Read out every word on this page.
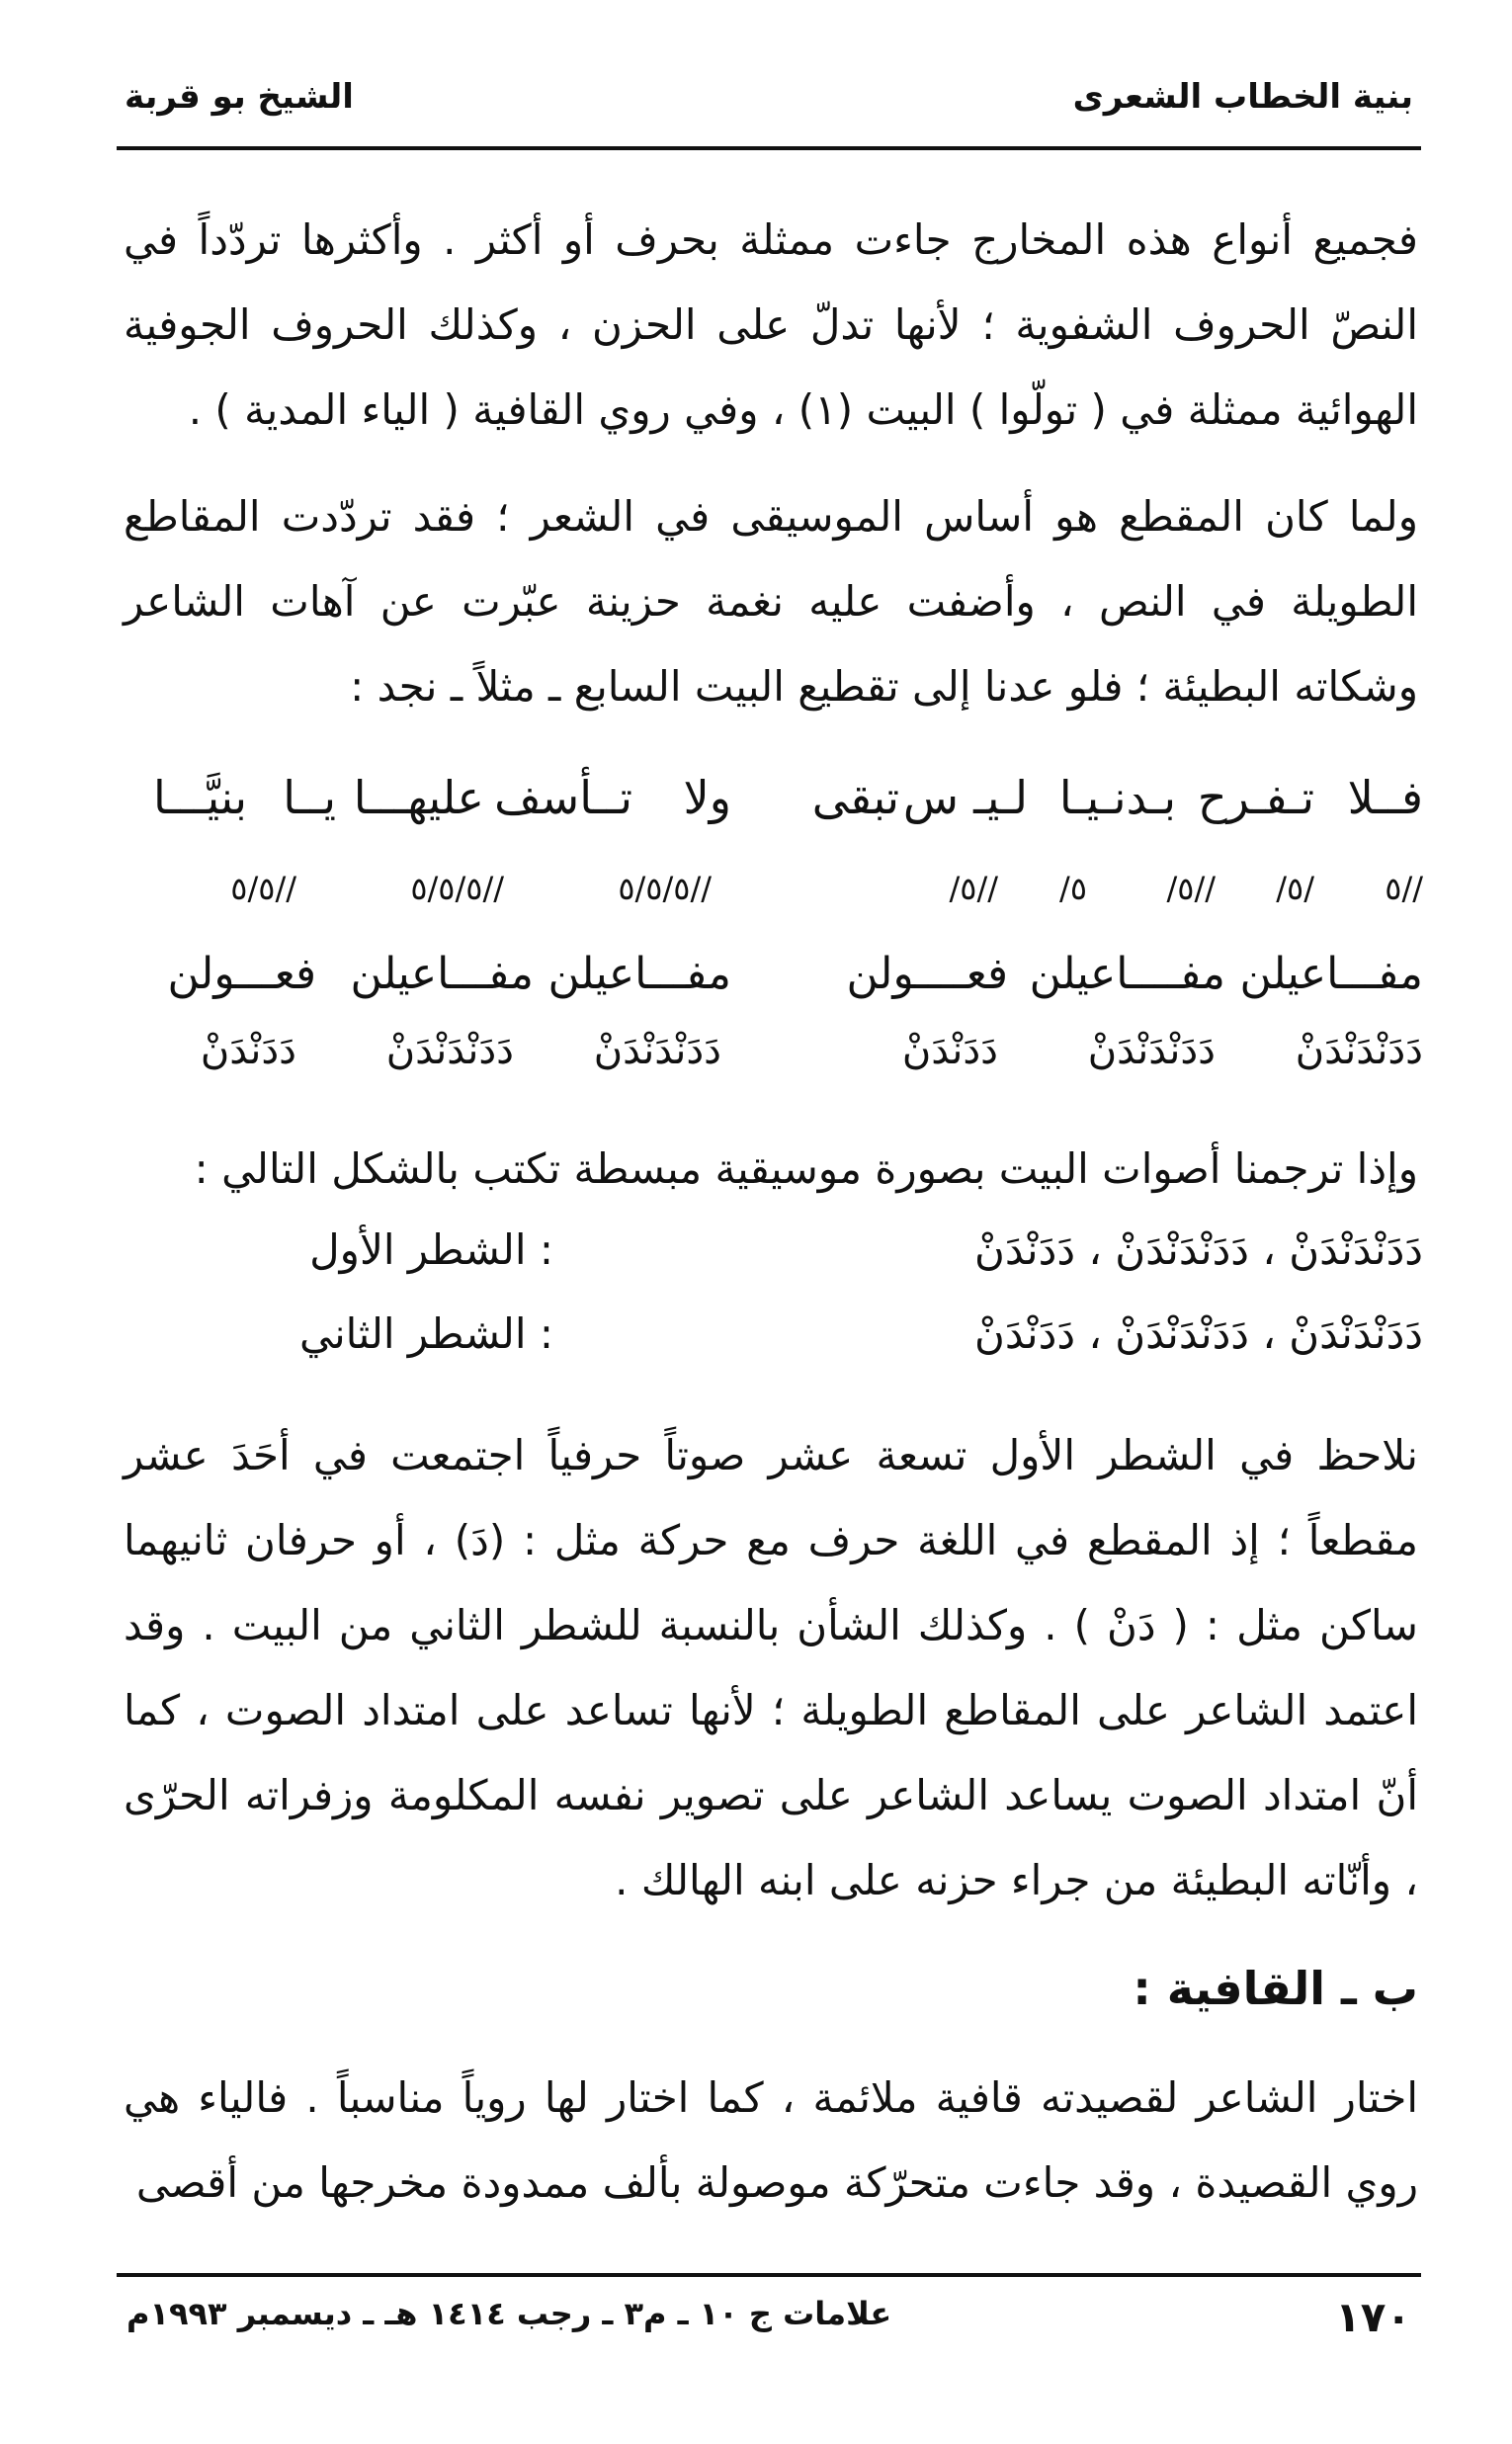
بنية الخطاب الشعرى
الشيخ بو قربة

فجميع أنواع هذه المخارج جاءت ممثلة بحرف أو أكثر . وأكثرها تردّداً في النصّ الحروف الشفوية ؛ لأنها تدلّ على الحزن ، وكذلك الحروف الجوفية الهوائية ممثلة في ( تولّوا ) البيت (١) ، وفي روي القافية ( الياء المدية ) .

ولما كان المقطع هو أساس الموسيقى في الشعر ؛ فقد تردّدت المقاطع الطويلة في النص ، وأضفت عليه نغمة حزينة عبّرت عن آهات الشاعر وشكاته البطيئة ؛ فلو عدنا إلى تقطيع البيت السابع ـ مثلاً ـ نجد :

فــلا
تـفـرح
بـدنـيـا
لـيـ
س
تبقى
ولا
تــأسف
عليهـــا
يــا
بنيَّـــا
//٥
/٥/
//٥/
٥/
//٥/
//٥/٥/٥
//٥/٥/٥
//٥/٥
مفـــاعيلن
مفــــاعيلن
فعــــولن
مفـــاعيلن
مفـــاعيلن
فعـــولن
دَدَنْدَنْدَنْ
دَدَنْدَنْدَنْ
دَدَنْدَنْ
دَدَنْدَنْدَنْ
دَدَنْدَنْدَنْ
دَدَنْدَنْ

وإذا ترجمنا أصوات البيت بصورة موسيقية مبسطة تكتب بالشكل التالي :

دَدَنْدَنْدَنْ ، دَدَنْدَنْدَنْ ، دَدَنْدَنْ
: الشطر الأول
دَدَنْدَنْدَنْ ، دَدَنْدَنْدَنْ ، دَدَنْدَنْ
: الشطر الثاني

نلاحظ في الشطر الأول تسعة عشر صوتاً حرفياً اجتمعت في أحَدَ عشر مقطعاً ؛ إذ المقطع في اللغة حرف مع حركة مثل : (دَ) ، أو حرفان ثانيهما ساكن مثل : ( دَنْ ) . وكذلك الشأن بالنسبة للشطر الثاني من البيت . وقد اعتمد الشاعر على المقاطع الطويلة ؛ لأنها تساعد على امتداد الصوت ، كما أنّ امتداد الصوت يساعد الشاعر على تصوير نفسه المكلومة وزفراته الحرّى ، وأنّاته البطيئة من جراء حزنه على ابنه الهالك .

ب ـ القافية :

اختار الشاعر لقصيدته قافية ملائمة ، كما اختار لها روياً مناسباً . فالياء هي روي القصيدة ، وقد جاءت متحرّكة موصولة بألف ممدودة مخرجها من أقصى

١٧٠
علامات ج ١٠ ـ م٣ ـ رجب ١٤١٤ هـ ـ ديسمبر ١٩٩٣م
